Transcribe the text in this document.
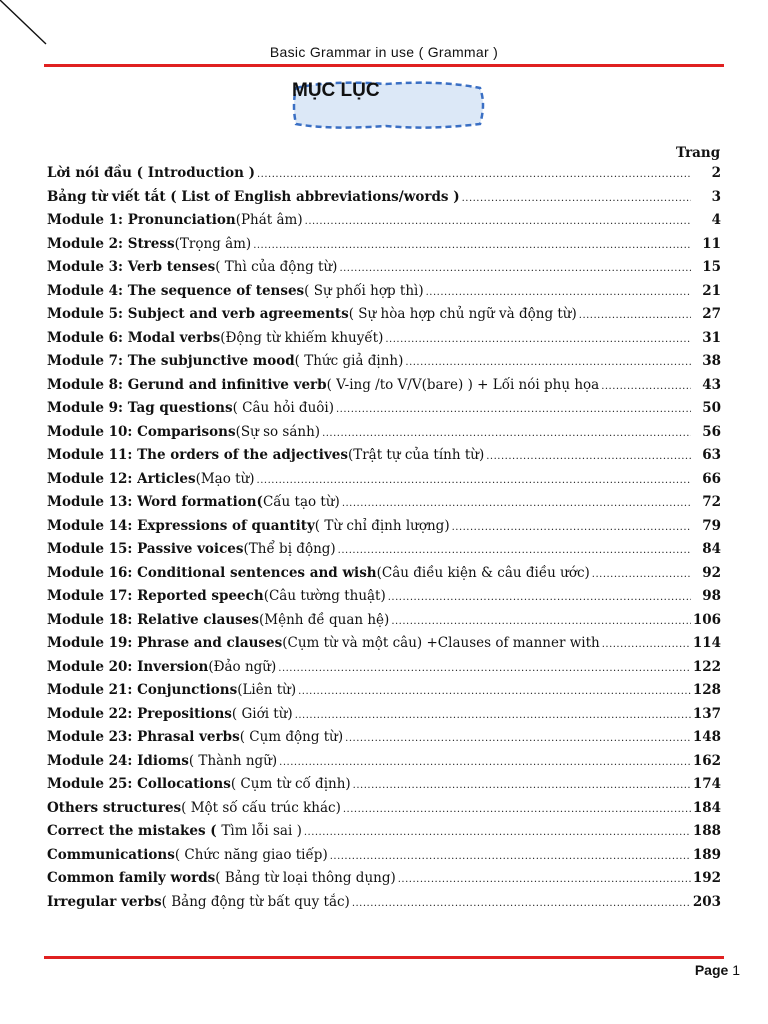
Basic Grammar in use ( Grammar )
MỤC LỤC
Trang
Lời nói đầu ( Introduction ) .....	2
Bảng từ viết tắt ( List of English abbreviations/words ) .....	3
Module 1: Pronunciation(Phát âm) .....	4
Module 2: Stress(Trọng âm) .....	11
Module 3: Verb tenses( Thì của động từ) .....	15
Module 4: The sequence of tenses( Sự phối hợp thì) .....	21
Module 5: Subject and verb agreements( Sự hòa hợp chủ ngữ và động từ) .....	27
Module 6: Modal verbs(Động từ khiếm khuyết) .....	31
Module 7: The subjunctive mood( Thức giả định) .....	38
Module 8: Gerund and infinitive verb( V-ing /to V/V(bare) ) + Lối nói phụ họa .....	43
Module 9: Tag questions( Câu hỏi đuôi) .....	50
Module 10: Comparisons(Sự so sánh) .....	56
Module 11: The orders of the adjectives(Trật tự của tính từ) .....	63
Module 12: Articles(Mạo từ) .....	66
Module 13: Word formation(Cấu tạo từ) .....	72
Module 14: Expressions of quantity( Từ chỉ định lượng) .....	79
Module 15: Passive voices(Thể bị động) .....	84
Module 16: Conditional sentences and wish(Câu điều kiện & câu điều ước) .....	92
Module 17: Reported speech(Câu tường thuật) .....	98
Module 18: Relative clauses(Mệnh đề quan hệ) .....	106
Module 19: Phrase and clauses(Cụm từ và một câu) +Clauses of manner with .....	114
Module 20: Inversion(Đảo ngữ) .....	122
Module 21: Conjunctions(Liên từ) .....	128
Module 22: Prepositions( Giới từ) .....	137
Module 23: Phrasal verbs( Cụm động từ) .....	148
Module 24: Idioms( Thành ngữ) .....	162
Module 25: Collocations( Cụm từ cố định) .....	174
Others structures( Một số cấu trúc khác) .....	184
Correct the mistakes ( Tìm lỗi sai ) .....	188
Communications( Chức năng giao tiếp) .....	189
Common family words( Bảng từ loại thông dụng) .....	192
Irregular verbs( Bảng động từ bất quy tắc) .....	203
Page 1
